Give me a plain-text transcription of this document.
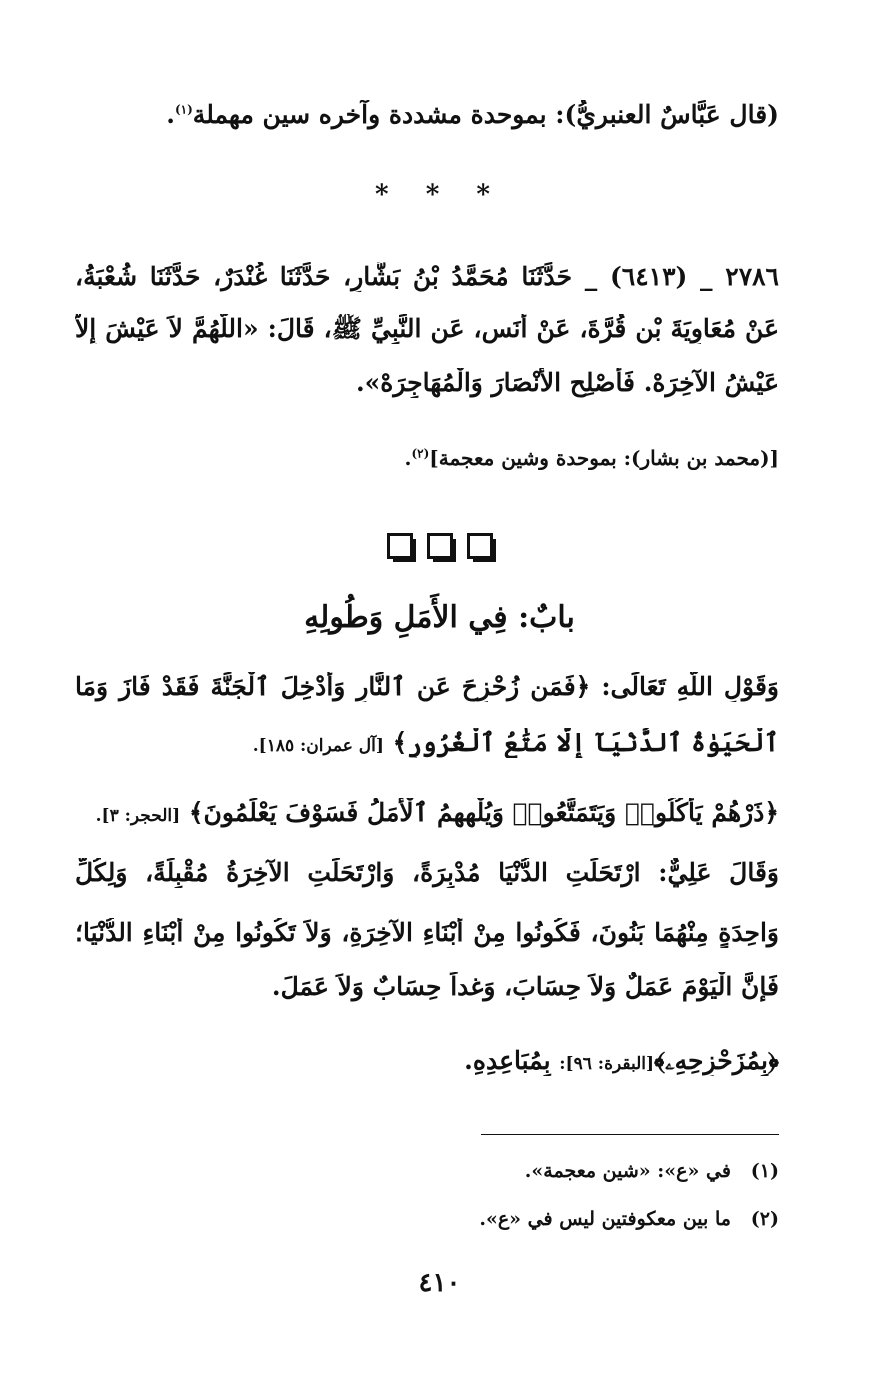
(قال عَبَّاسٌ العنبريُّ): بموحدة مشددة وآخره سين مهملة$^{(١)}$.
* * *
٢٧٨٦ _ (٦٤١٣) _ حَدَّثَنَا مُحَمَّدُ بْنُ بَشَّارٍ، حَدَّثَنَا غُنْدَرٌ، حَدَّثَنَا شُعْبَةُ،
عَنْ مُعَاوِيَةَ بْنِ قُرَّةَ، عَنْ أَنَسٍ، عَنِ النَّبِيِّ ﷺ، قَالَ: «اللَّهُمَّ لاَ عَيْشَ إِلاَّ
عَيْشُ الآخِرَهْ. فَأَصْلِحِ الأَنْصَارَ وَالْمُهَاجِرَهْ».
[(محمد بن بشار): بموحدة وشين معجمة]$^{(٢)}$.
بابٌ: فِي الأَمَلِ وَطُولِهِ
وَقَوْلِ اللَّهِ تَعَالَى: ﴿فَمَن زُحْزِحَ عَنِ ٱلنَّارِ وَأُدْخِلَ ٱلْجَنَّةَ فَقَدْ فَازَ وَمَا
ٱلْحَيَوٰةُ ٱلدُّنْيَآ إِلَّا مَتَٰعُ ٱلْغُرُورِ﴾ [آل عمران: ١٨٥].
﴿ذَرْهُمْ يَأْكُلُوا۟ وَيَتَمَتَّعُوا۟ وَيُلْهِهِمُ ٱلْأَمَلُ فَسَوْفَ يَعْلَمُونَ﴾ [الحجر: ٣].
وَقَالَ عَلِيٌّ: ارْتَحَلَتِ الدُّنْيَا مُدْبِرَةً، وَارْتَحَلَتِ الآخِرَةُ مُقْبِلَةً، وَلِكُلِّ
وَاحِدَةٍ مِنْهُمَا بَنُونَ، فَكُونُوا مِنْ أَبْنَاءِ الآخِرَةِ، وَلاَ تَكُونُوا مِنْ أَبْنَاءِ الدُّنْيَا؛
فَإِنَّ الْيَوْمَ عَمَلٌ وَلاَ حِسَابَ، وَغداً حِسَابٌ وَلاَ عَمَلَ.
﴿بِمُزَحْزِحِهِۦ﴾[البقرة: ٩٦]: بِمُبَاعِدِهِ.
(١)   في «ع»: «شين معجمة».
(٢)   ما بين معكوفتين ليس في «ع».
٤١٠
